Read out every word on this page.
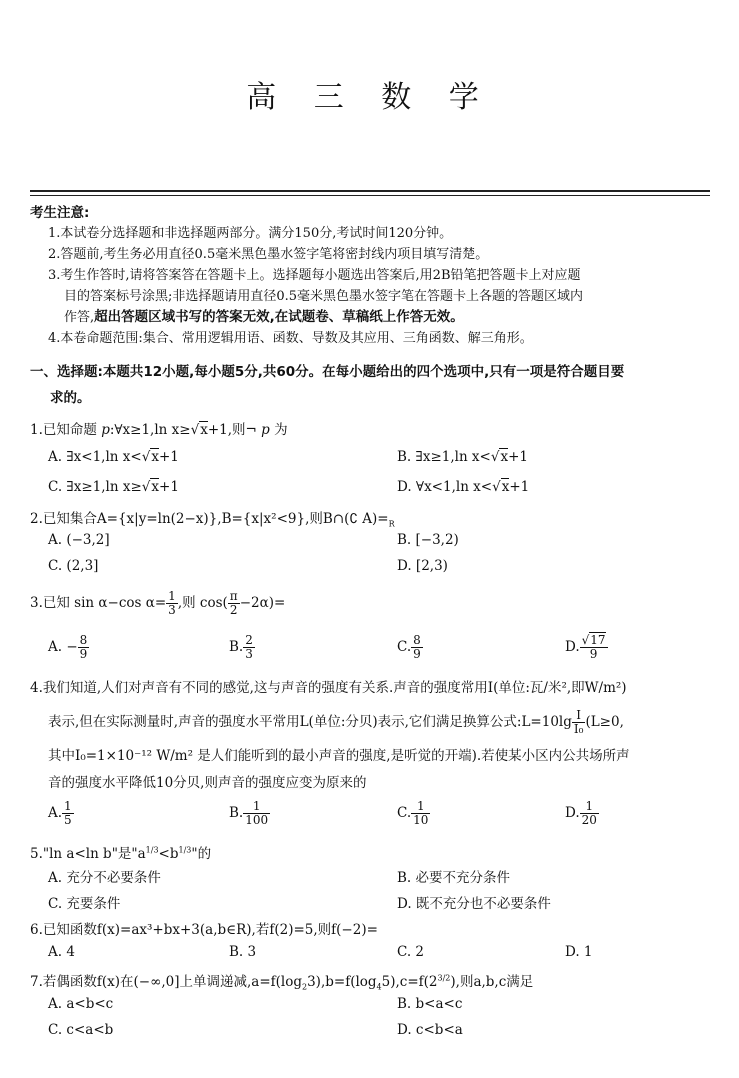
高 三 数 学
考生注意:
1.本试卷分选择题和非选择题两部分。满分150分,考试时间120分钟。
2.答题前,考生务必用直径0.5毫米黑色墨水签字笔将密封线内项目填写清楚。
3.考生作答时,请将答案答在答题卡上。选择题每小题选出答案后,用2B铅笔把答题卡上对应题
目的答案标号涂黑;非选择题请用直径0.5毫米黑色墨水签字笔在答题卡上各题的答题区域内
作答,超出答题区域书写的答案无效,在试题卷、草稿纸上作答无效。
4.本卷命题范围:集合、常用逻辑用语、函数、导数及其应用、三角函数、解三角形。
一、选择题:本题共12小题,每小题5分,共60分。在每小题给出的四个选项中,只有一项是符合题目要
求的。
1.已知命题 p:∀x≥1,ln x≥√x+1,则¬ p 为
A. ∃x<1,ln x<√x+1	B. ∃x≥1,ln x<√x+1
C. ∃x≥1,ln x≥√x+1	D. ∀x<1,ln x<√x+1
2.已知集合A={x|y=ln(2−x)},B={x|x²<9},则B∩(∁ $A)=_R$
A. (−3,2]	B. [−3,2)
C. (2,3]	D. [2,3)
3.已知 sin α−cos $\alpha= \frac{1}{3}$ ,则 $\cos( \frac{\pi}{2} -2\alpha)=$
A. − $\frac{8}{9}$	B. $\frac{2}{3}$	C. $\frac{8}{9}$	D. $\frac{√17}{9}$
4.我们知道,人们对声音有不同的感觉,这与声音的强度有关系.声音的强度常用I(单位:瓦/米²,即W/m²)
表示,但在实际测量时,声音的强度水平常用L(单位:分贝)表示,它们满足换算公式:L=10lg $\frac{I}{\text{I₀}} (L\ge 0$,
其中I₀=1×10⁻¹² W/m² 是人们能听到的最小声音的强度,是听觉的开端).若使某小区内公共场所声
音的强度水平降低10分贝,则声音的强度应变为原来的
A. $\frac{1}{5}$	B. $\frac{1}{100}$	C. $\frac{1}{10}$	D. $\frac{1}{20}$
5."ln a<ln b"是"$a^{1/3}<b^{1/3}$"的
A. 充分不必要条件	B. 必要不充分条件
C. 充要条件	D. 既不充分也不必要条件
6.已知函数f(x)=ax³+bx+3(a,b∈R),若f(2)=5,则f(−2)=
A. 4	B. 3	C. 2	D. 1
7.若偶函数f(x)在(−∞,0]上单调递减$,a=f(\log_23),b=f(\log_45),c=f(2^{3/2})$,则a,b,c满足
A. a<b<c	B. b<a<c
C. c<a<b	D. c<b<a
